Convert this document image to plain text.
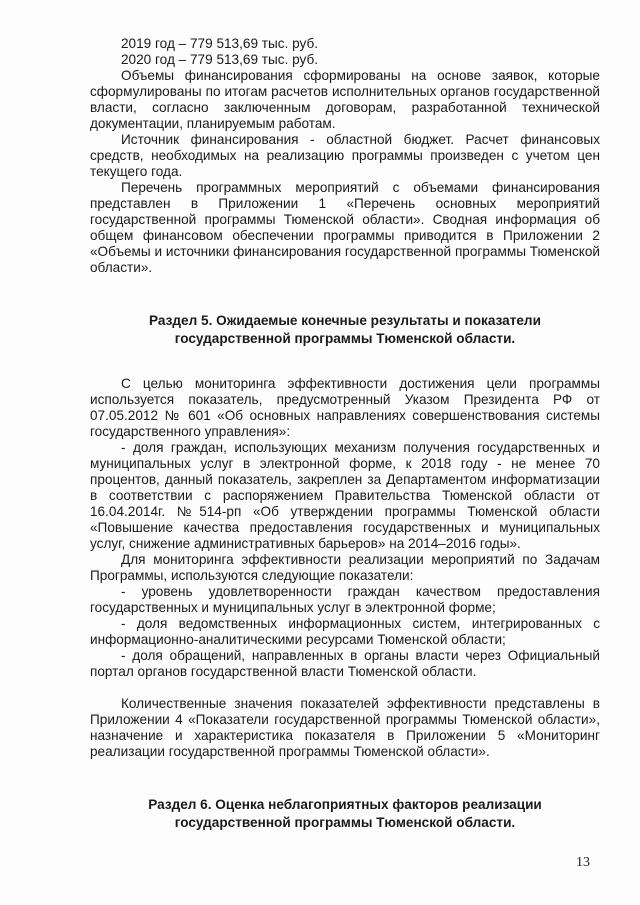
2019 год – 779 513,69 тыс. руб.
2020 год – 779 513,69 тыс. руб.

Объемы финансирования сформированы на основе заявок, которые сформулированы по итогам расчетов исполнительных органов государственной власти, согласно заключенным договорам, разработанной технической документации, планируемым работам.

Источник финансирования - областной бюджет. Расчет финансовых средств, необходимых на реализацию программы произведен с учетом цен текущего года.

Перечень программных мероприятий с объемами финансирования представлен в Приложении 1 «Перечень основных мероприятий государственной программы Тюменской области». Сводная информация об общем финансовом обеспечении программы приводится в Приложении 2 «Объемы и источники финансирования государственной программы Тюменской области».

Раздел 5. Ожидаемые конечные результаты и показатели
государственной программы Тюменской области.

С целью мониторинга эффективности достижения цели программы используется показатель, предусмотренный Указом Президента РФ от 07.05.2012 № 601 «Об основных направлениях совершенствования системы государственного управления»:

- доля граждан, использующих механизм получения государственных и муниципальных услуг в электронной форме, к 2018 году - не менее 70 процентов, данный показатель, закреплен за Департаментом информатизации в соответствии с распоряжением Правительства Тюменской области от 16.04.2014г. №514-рп «Об утверждении программы Тюменской области «Повышение качества предоставления государственных и муниципальных услуг, снижение административных барьеров» на 2014–2016 годы».

Для мониторинга эффективности реализации мероприятий по Задачам Программы, используются следующие показатели:

- уровень удовлетворенности граждан качеством предоставления государственных и муниципальных услуг в электронной форме;

- доля ведомственных информационных систем, интегрированных с информационно-аналитическими ресурсами Тюменской области;

- доля обращений, направленных в органы власти через Официальный портал органов государственной власти Тюменской области.

Количественные значения показателей эффективности представлены в Приложении 4 «Показатели государственной программы Тюменской области», назначение и характеристика показателя в Приложении 5 «Мониторинг реализации государственной программы Тюменской области».

Раздел 6. Оценка неблагоприятных факторов реализации
государственной программы Тюменской области.
13
